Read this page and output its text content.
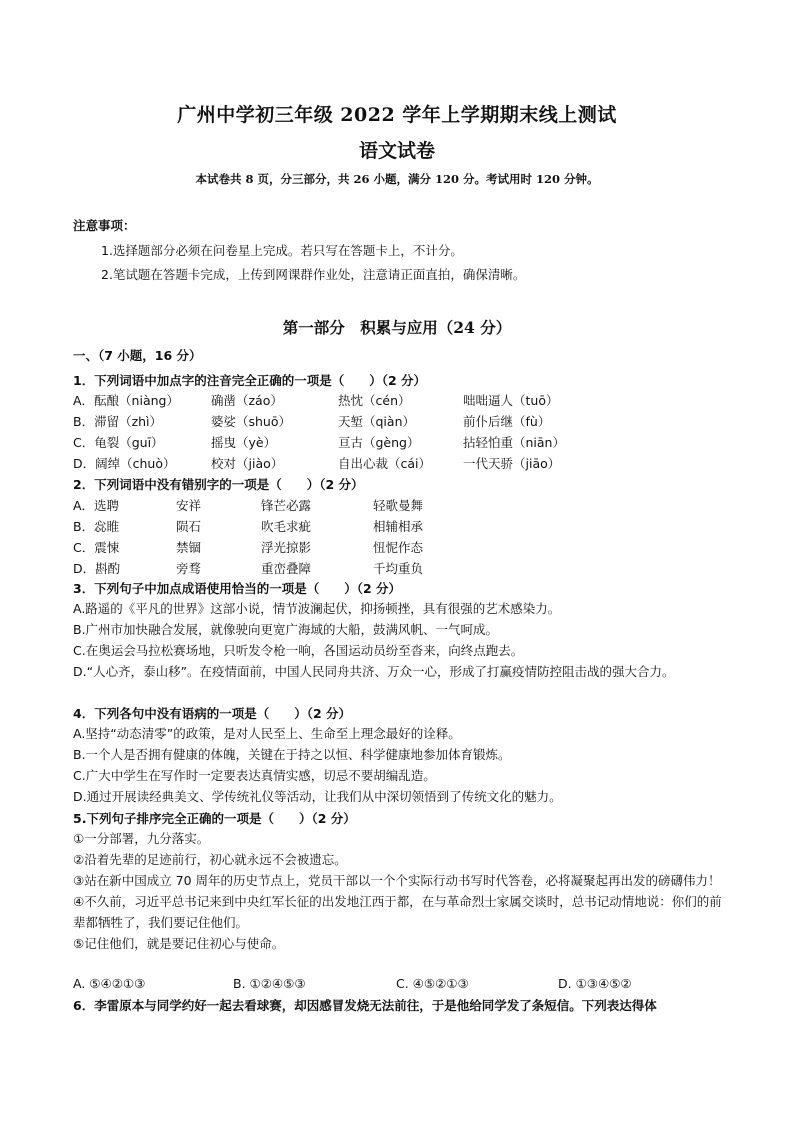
广州中学初三年级 2022 学年上学期期末线上测试
语文试卷
本试卷共 8 页，分三部分，共 26 小题，满分 120 分。考试用时 120 分钟。
注意事项：
1.选择题部分必须在问卷星上完成。若只写在答题卡上，不计分。
2.笔试题在答题卡完成，上传到网课群作业处，注意请正面直拍，确保清晰。
第一部分　积累与应用（24 分）
一、（7 小题，16 分）
1．下列词语中加点字的注音完全正确的一项是（　　）（2 分）
A．酝酿（niàng）	确凿（záo）	热忱（cén）	咄咄逼人（tuō）
B．滞留（zhì）	婆娑（shuō）	天堑（qiàn）	前仆后继（fù）
C．龟裂（guī）	摇曳（yè）	亘古（gèng）	拈轻怕重（niān）
D．阔绰（chuò）	校对（jiào）	自出心裁（cái）	一代天骄（jiāo）
2．下列词语中没有错别字的一项是（　　）（2 分）
A．选聘	安祥	锋芒必露	轻歌曼舞
B．惢睢	陨石	吹毛求疵	相辅相承
C．震悚	禁锢	浮光掠影	忸怩作态
D．斟酌	旁骛	重峦叠障	千均重负
3．下列句子中加点成语使用恰当的一项是（　　）（2 分）
A.路遥的《平凡的世界》这部小说，情节波澜起伏，抑扬顿挫，具有很强的艺术感染力。
B.广州市加快融合发展，就像驶向更宽广海域的大船，鼓满风帆、一气呵成。
C.在奥运会马拉松赛场地，只听发令枪一响，各国运动员纷至沓来，向终点跑去。
D.“人心齐，泰山移”。在疫情面前，中国人民同舟共济、万众一心，形成了打赢疫情防控阻击战的强大合力。
4．下列各句中没有语病的一项是（　　）（2 分）
A.坚持“动态清零”的政策，是对人民至上、生命至上理念最好的诠释。
B.一个人是否拥有健康的体魄，关键在于持之以恒、科学健康地参加体育锻炼。
C.广大中学生在写作时一定要表达真情实感，切忌不要胡编乱造。
D.通过开展读经典美文、学传统礼仪等活动，让我们从中深切领悟到了传统文化的魅力。
5.下列句子排序完全正确的一项是（　　）（2 分）
①一分部署，九分落实。
②沿着先辈的足迹前行，初心就永远不会被遗忘。
③站在新中国成立 70 周年的历史节点上，党员干部以一个个实际行动书写时代答卷，必将凝聚起再出发的磅礴伟力！
④不久前，习近平总书记来到中央红军长征的出发地江西于都，在与革命烈士家属交谈时，总书记动情地说：你们的前辈都牺牲了，我们要记住他们。
⑤记住他们，就是要记住初心与使命。
A. ⑤④②①③	B. ①②④⑤③	C. ④⑤②①③	D. ①③④⑤②
6．李雷原本与同学约好一起去看球赛，却因感冒发烧无法前往，于是他给同学发了条短信。下列表达得体
